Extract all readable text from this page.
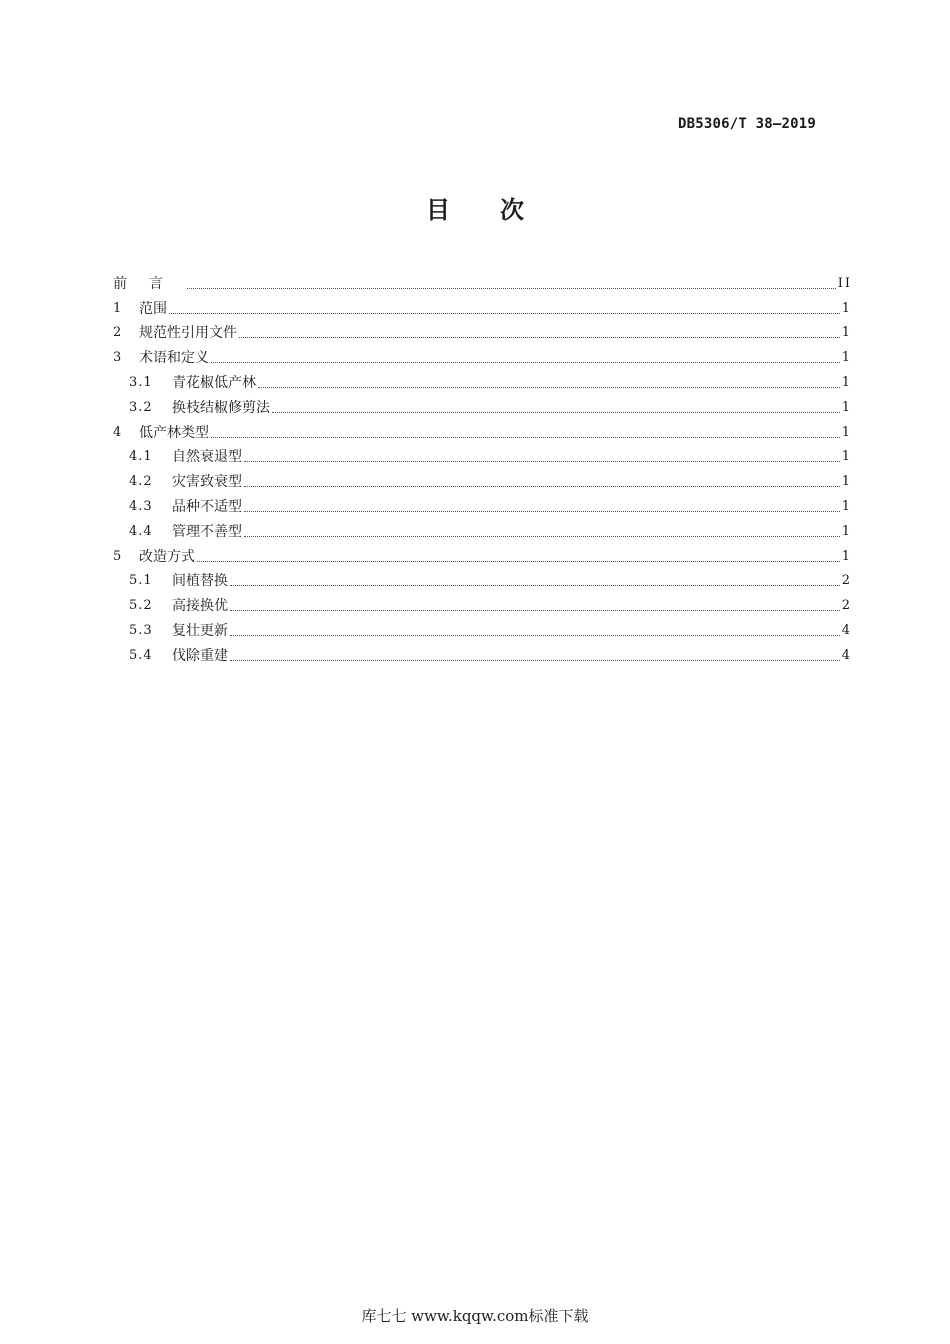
DB5306/T 38—2019
目次
前言	II
1	范围	1
2	规范性引用文件	1
3	术语和定义	1
3.1	青花椒低产林	1
3.2	换枝结椒修剪法	1
4	低产林类型	1
4.1	自然衰退型	1
4.2	灾害致衰型	1
4.3	品种不适型	1
4.4	管理不善型	1
5	改造方式	1
5.1	间植替换	2
5.2	高接换优	2
5.3	复壮更新	4
5.4	伐除重建	4
库七七 www.kqqw.com标准下载
